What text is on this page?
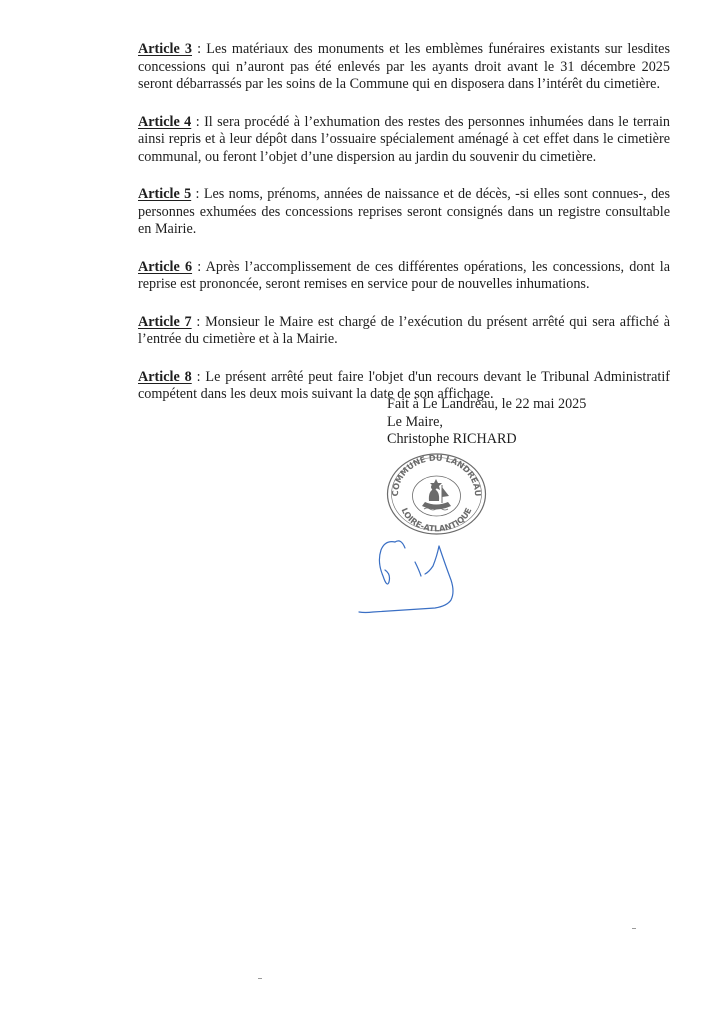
Article 3 : Les matériaux des monuments et les emblèmes funéraires existants sur lesdites concessions qui n’auront pas été enlevés par les ayants droit avant le 31 décembre 2025 seront débarrassés par les soins de la Commune qui en disposera dans l’intérêt du cimetière.

Article 4 : Il sera procédé à l’exhumation des restes des personnes inhumées dans le terrain ainsi repris et à leur dépôt dans l’ossuaire spécialement aménagé à cet effet dans le cimetière communal, ou feront l’objet d’une dispersion au jardin du souvenir du cimetière.

Article 5 : Les noms, prénoms, années de naissance et de décès, -si elles sont connues-, des personnes exhumées des concessions reprises seront consignés dans un registre consultable en Mairie.

Article 6 : Après l’accomplissement de ces différentes opérations, les concessions, dont la reprise est prononcée, seront remises en service pour de nouvelles inhumations.

Article 7 : Monsieur le Maire est chargé de l’exécution du présent arrêté qui sera affiché à l’entrée du cimetière et à la Mairie.

Article 8 : Le présent arrêté peut faire l'objet d'un recours devant le Tribunal Administratif compétent dans les deux mois suivant la date de son affichage.

Fait à Le Landreau, le 22 mai 2025
Le Maire,
Christophe RICHARD
COMMUNE DU LANDREAU
LOIRE-ATLANTIQUE
